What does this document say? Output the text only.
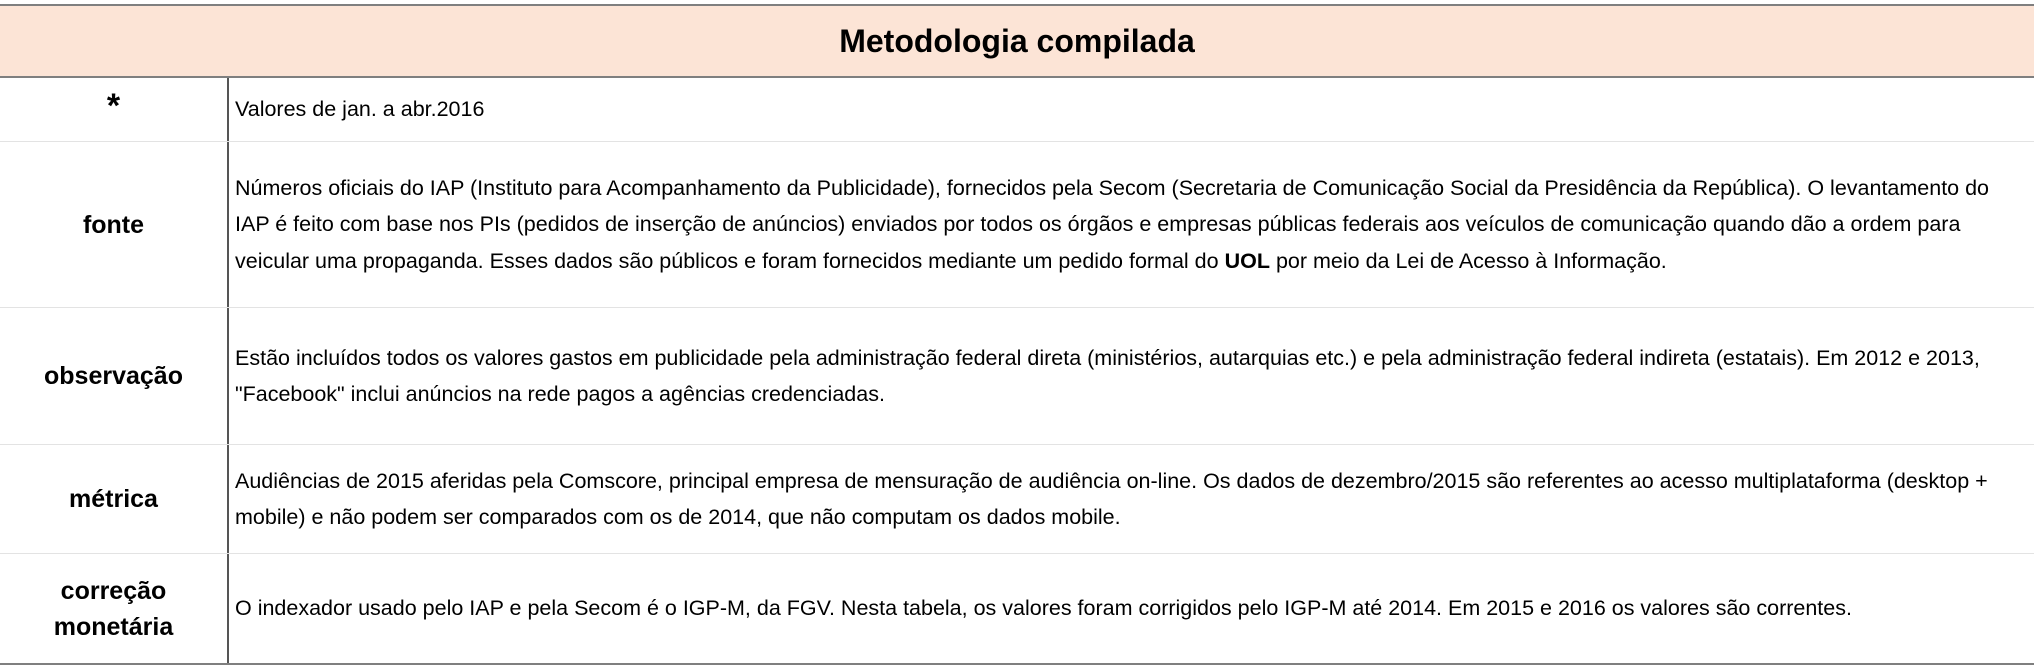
Metodologia compilada
*	Valores de jan. a abr.2016

fonte

Números oficiais do IAP (Instituto para Acompanhamento da Publicidade), fornecidos pela Secom (Secretaria de Comunicação Social da Presidência da República). O levantamento do IAP é feito com base nos PIs (pedidos de inserção de anúncios) enviados por todos os órgãos e empresas públicas federais aos veículos de comunicação quando dão a ordem para veicular uma propaganda. Esses dados são públicos e foram fornecidos mediante um pedido formal do UOL por meio da Lei de Acesso à Informação.

observação

Estão incluídos todos os valores gastos em publicidade pela administração federal direta (ministérios, autarquias etc.) e pela administração federal indireta (estatais). Em 2012 e 2013, "Facebook" inclui anúncios na rede pagos a agências credenciadas.

métrica

Audiências de 2015 aferidas pela Comscore, principal empresa de mensuração de audiência on-line. Os dados de dezembro/2015 são referentes ao acesso multiplataforma (desktop + mobile) e não podem ser comparados com os de 2014, que não computam os dados mobile.

correção
monetária

O indexador usado pelo IAP e pela Secom é o IGP-M, da FGV. Nesta tabela, os valores foram corrigidos pelo IGP-M até 2014. Em 2015 e 2016 os valores são correntes.
